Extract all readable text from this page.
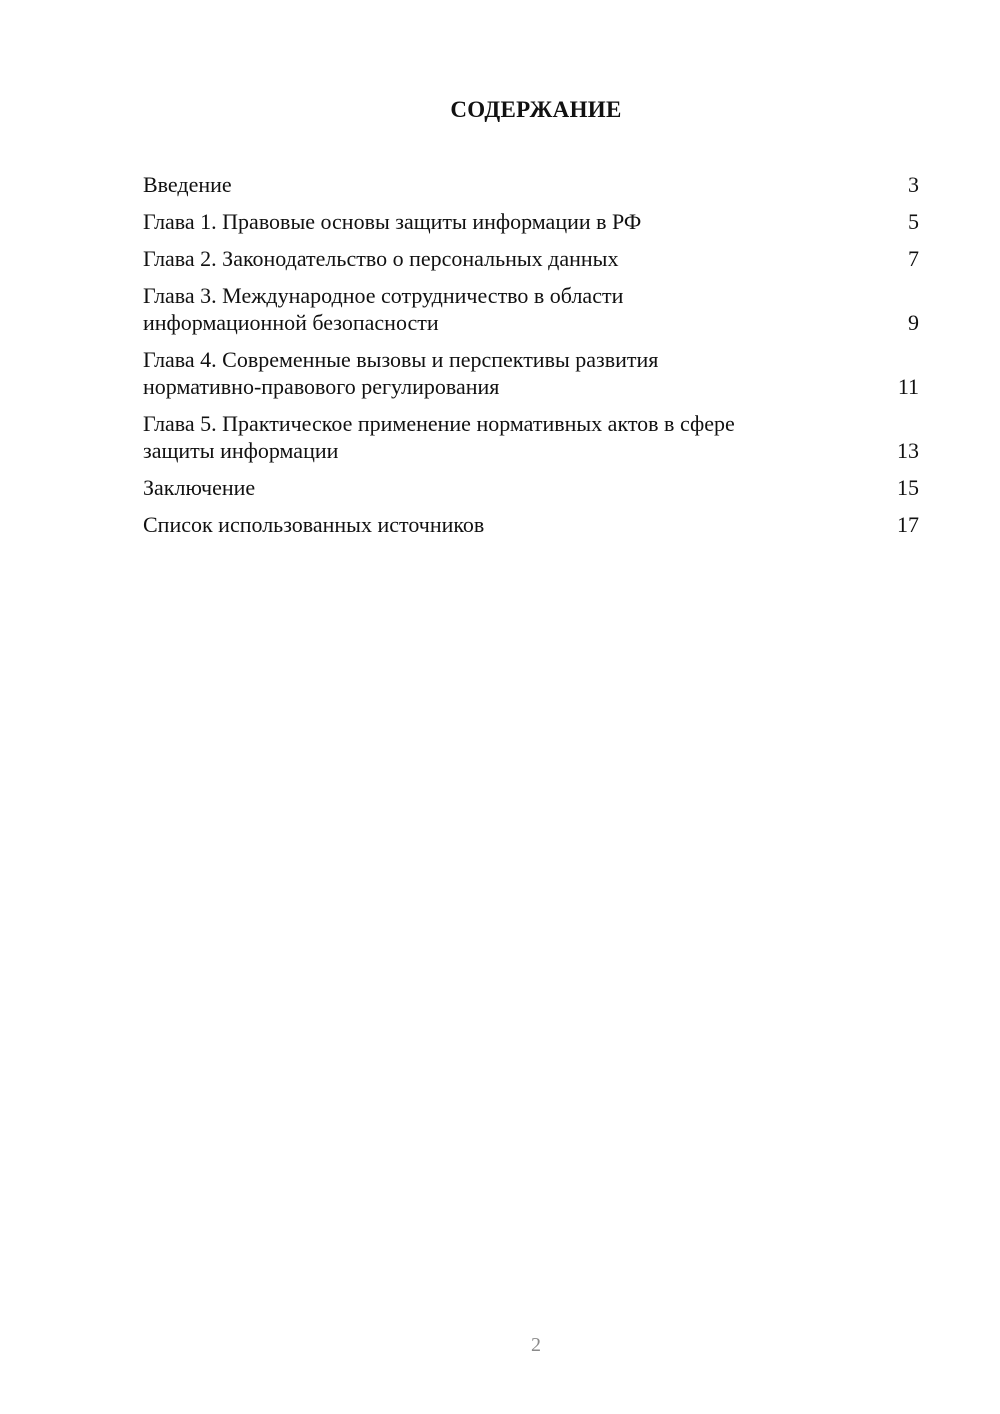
СОДЕРЖАНИЕ
Введение	3
Глава 1. Правовые основы защиты информации в РФ	5
Глава 2. Законодательство о персональных данных	7
Глава 3. Международное сотрудничество в области
информационной безопасности	9
Глава 4. Современные вызовы и перспективы развития
нормативно-правового регулирования	11
Глава 5. Практическое применение нормативных актов в сфере
защиты информации	13
Заключение	15
Список использованных источников	17
2
